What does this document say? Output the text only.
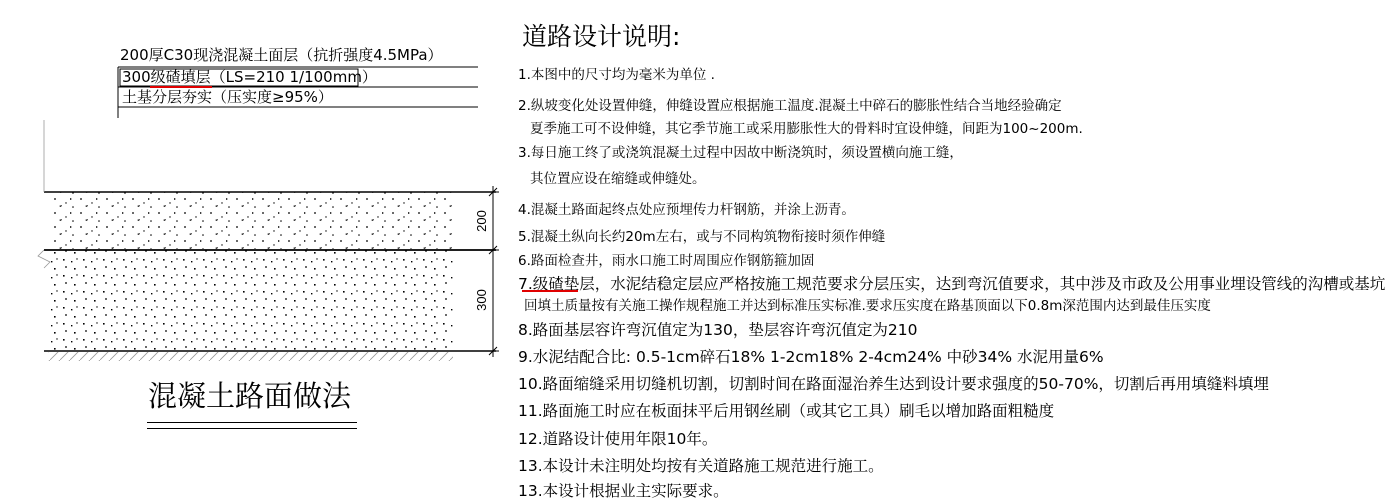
200
300
200厚C30现浇混凝土面层（抗折强度4.5MPa）
300级碴填层（LS=210 1/100mm）
土基分层夯实（压实度≥95%）
混凝土路面做法
道路设计说明:
1.本图中的尺寸均为毫米为单位 .
2.纵坡变化处设置伸缝，伸缝设置应根据施工温度.混凝土中碎石的膨胀性结合当地经验确定
夏季施工可不设伸缝，其它季节施工或采用膨胀性大的骨料时宜设伸缝，间距为100~200m.
3.每日施工终了或浇筑混凝土过程中因故中断浇筑时，须设置横向施工缝，
其位置应设在缩缝或伸缝处。
4.混凝土路面起终点处应预埋传力杆钢筋，并涂上沥青。
5.混凝土纵向长约20m左右，或与不同构筑物衔接时须作伸缝
6.路面检查井，雨水口施工时周围应作钢筋箍加固
7.级碴垫层，水泥结稳定层应严格按施工规范要求分层压实，达到弯沉值要求，其中涉及市政及公用事业埋设管线的沟槽或基坑
回填土质量按有关施工操作规程施工并达到标准压实标准.要求压实度在路基顶面以下0.8m深范围内达到最佳压实度
8.路面基层容许弯沉值定为130，垫层容许弯沉值定为210
9.水泥结配合比: 0.5-1cm碎石18% 1-2cm18% 2-4cm24% 中砂34% 水泥用量6%
10.路面缩缝采用切缝机切割，切割时间在路面湿治养生达到设计要求强度的50-70%，切割后再用填缝料填埋
11.路面施工时应在板面抹平后用钢丝刷（或其它工具）刷毛以增加路面粗糙度
12.道路设计使用年限10年。
13.本设计未注明处均按有关道路施工规范进行施工。
13.本设计根据业主实际要求。
